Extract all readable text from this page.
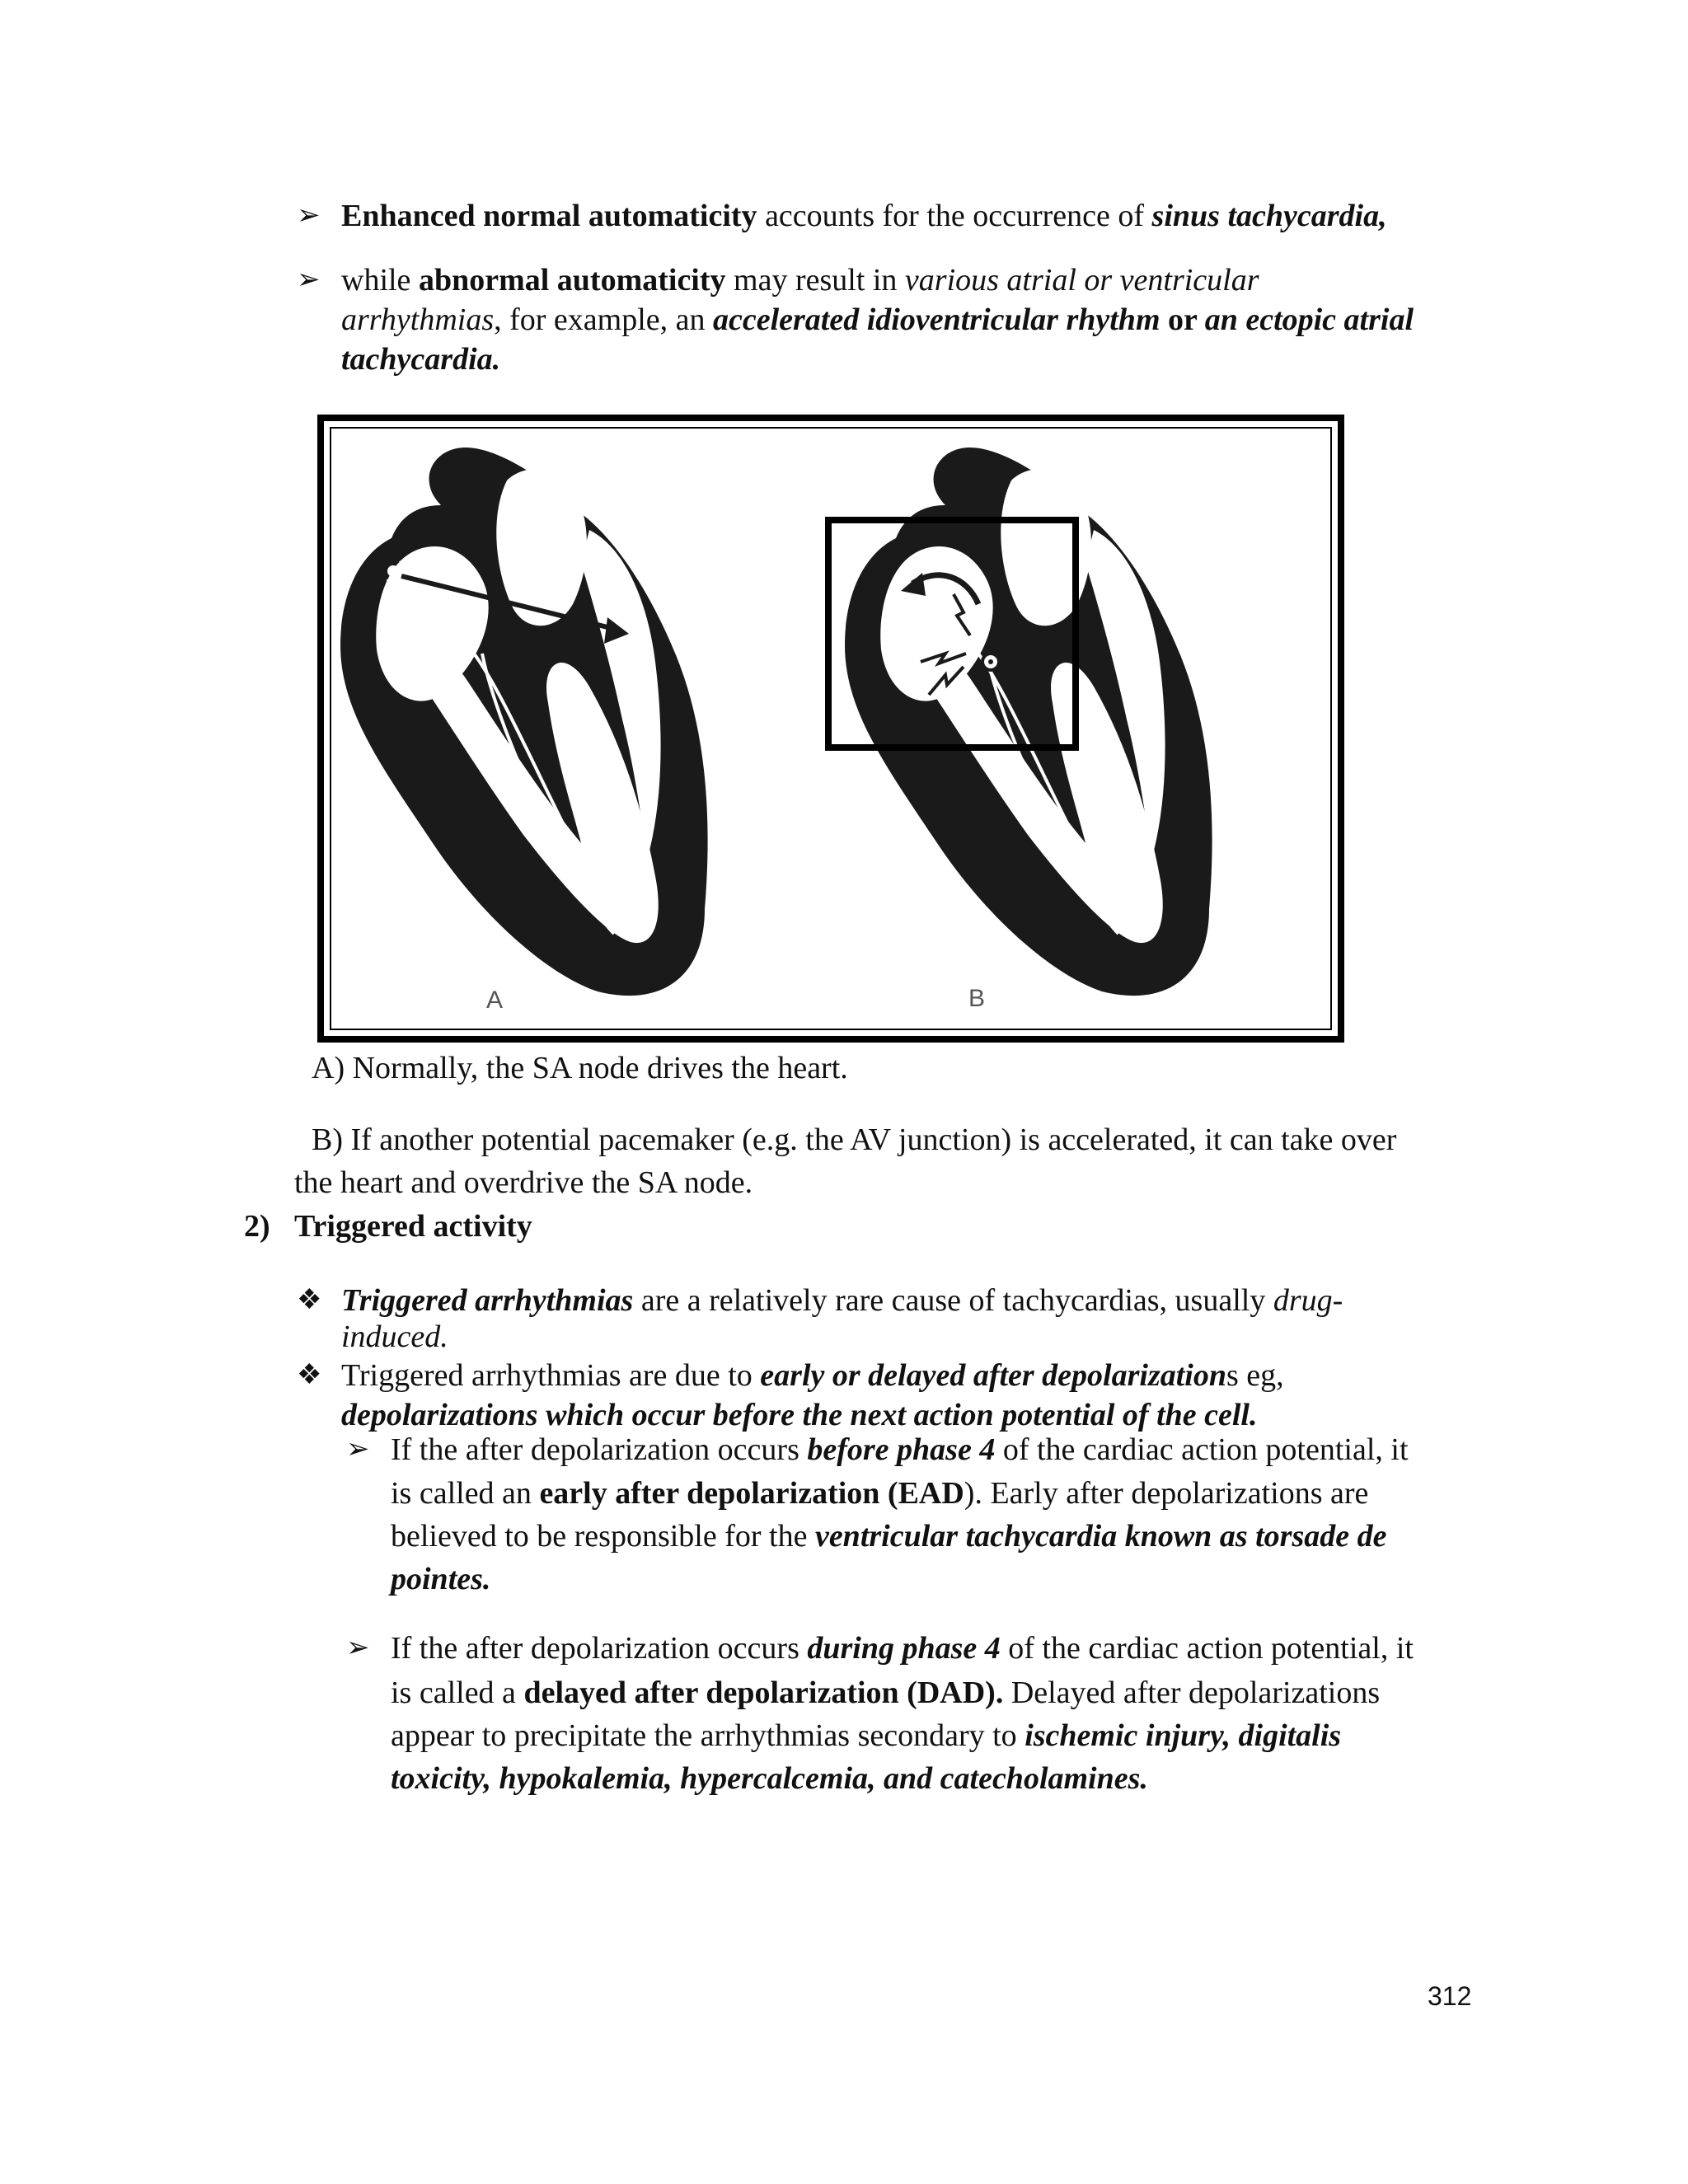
➢ Enhanced normal automaticity accounts for the occurrence of sinus tachycardia,
➢ while abnormal automaticity may result in various atrial or ventricular
arrhythmias, for example, an accelerated idioventricular rhythm or an ectopic atrial
tachycardia.
A	B
A) Normally, the SA node drives the heart.
B) If another potential pacemaker (e.g. the AV junction) is accelerated, it can take over
the heart and overdrive the SA node.
2) Triggered activity
❖ Triggered arrhythmias are a relatively rare cause of tachycardias, usually drug-
induced.
❖ Triggered arrhythmias are due to early or delayed after depolarizations eg,
depolarizations which occur before the next action potential of the cell.
➢ If the after depolarization occurs before phase 4 of the cardiac action potential, it
is called an early after depolarization (EAD). Early after depolarizations are
believed to be responsible for the ventricular tachycardia known as torsade de
pointes.
➢ If the after depolarization occurs during phase 4 of the cardiac action potential, it
is called a delayed after depolarization (DAD). Delayed after depolarizations
appear to precipitate the arrhythmias secondary to ischemic injury, digitalis
toxicity, hypokalemia, hypercalcemia, and catecholamines.
312
